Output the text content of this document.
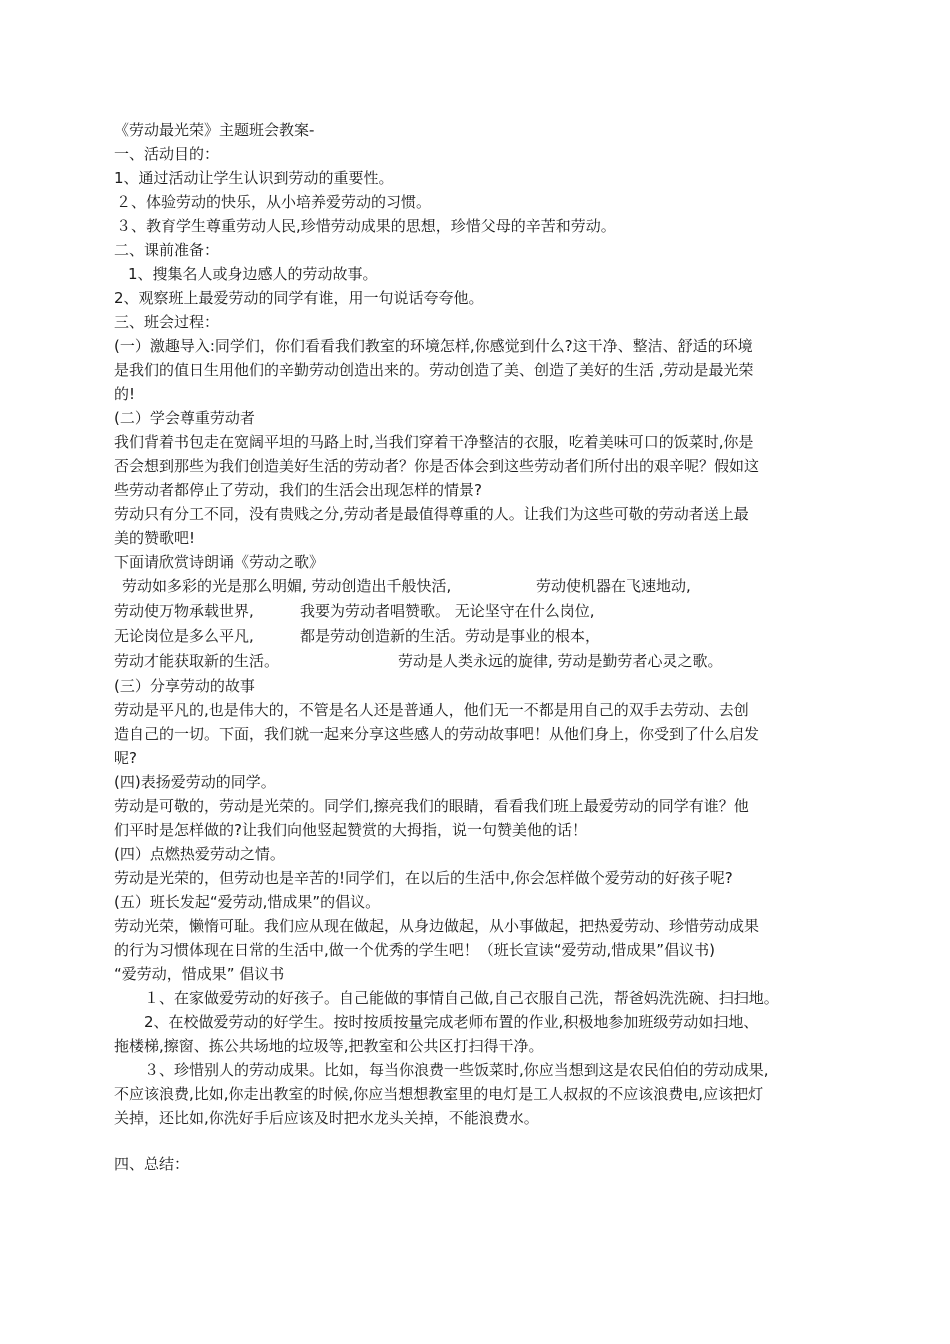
《劳动最光荣》主题班会教案-
一、活动目的：
1、通过活动让学生认识到劳动的重要性。
２、体验劳动的快乐，从小培养爱劳动的习惯。
３、教育学生尊重劳动人民,珍惜劳动成果的思想，珍惜父母的辛苦和劳动。
二、课前准备：
1、搜集名人或身边感人的劳动故事。
2、观察班上最爱劳动的同学有谁，用一句说话夸夸他。
三、班会过程：
(一）激趣导入:同学们，你们看看我们教室的环境怎样,你感觉到什么?这干净、整洁、舒适的环境
是我们的值日生用他们的辛勤劳动创造出来的。劳动创造了美、创造了美好的生活 ,劳动是最光荣
的!
(二）学会尊重劳动者
我们背着书包走在宽阔平坦的马路上时,当我们穿着干净整洁的衣服，吃着美味可口的饭菜时,你是
否会想到那些为我们创造美好生活的劳动者？你是否体会到这些劳动者们所付出的艰辛呢？假如这
些劳动者都停止了劳动，我们的生活会出现怎样的情景?
劳动只有分工不同，没有贵贱之分,劳动者是最值得尊重的人。让我们为这些可敬的劳动者送上最
美的赞歌吧!
下面请欣赏诗朗诵《劳动之歌》

劳动如多彩的光是那么明媚, 劳动创造出千般快活,

	劳动使机器在飞速地动,

劳动使万物承载世界,

	我要为劳动者唱赞歌。 无论坚守在什么岗位,

无论岗位是多么平凡,

	都是劳动创造新的生活。劳动是事业的根本，

劳动才能获取新的生活。

	劳动是人类永远的旋律, 劳动是勤劳者心灵之歌。

(三）分享劳动的故事
劳动是平凡的,也是伟大的，不管是名人还是普通人，他们无一不都是用自己的双手去劳动、去创
造自己的一切。下面，我们就一起来分享这些感人的劳动故事吧！从他们身上，你受到了什么启发
呢?
(四)表扬爱劳动的同学。
劳动是可敬的，劳动是光荣的。同学们,擦亮我们的眼睛，看看我们班上最爱劳动的同学有谁？他
们平时是怎样做的?让我们向他竖起赞赏的大拇指，说一句赞美他的话！
(四）点燃热爱劳动之情。
劳动是光荣的，但劳动也是辛苦的!同学们，在以后的生活中,你会怎样做个爱劳动的好孩子呢?
(五）班长发起“爱劳动,惜成果”的倡议。
劳动光荣，懒惰可耻。我们应从现在做起，从身边做起，从小事做起，把热爱劳动、珍惜劳动成果
的行为习惯体现在日常的生活中,做一个优秀的学生吧！（班长宣读“爱劳动,惜成果”倡议书)
“爱劳动，惜成果” 倡议书
１、在家做爱劳动的好孩子。自己能做的事情自己做,自己衣服自己洗，帮爸妈洗洗碗、扫扫地。
2、在校做爱劳动的好学生。按时按质按量完成老师布置的作业,积极地参加班级劳动如扫地、
拖楼梯,擦窗、拣公共场地的垃圾等,把教室和公共区打扫得干净。
３、珍惜别人的劳动成果。比如，每当你浪费一些饭菜时,你应当想到这是农民伯伯的劳动成果,
不应该浪费,比如,你走出教室的时候,你应当想想教室里的电灯是工人叔叔的不应该浪费电,应该把灯
关掉，还比如,你洗好手后应该及时把水龙头关掉，不能浪费水。
四、总结：
